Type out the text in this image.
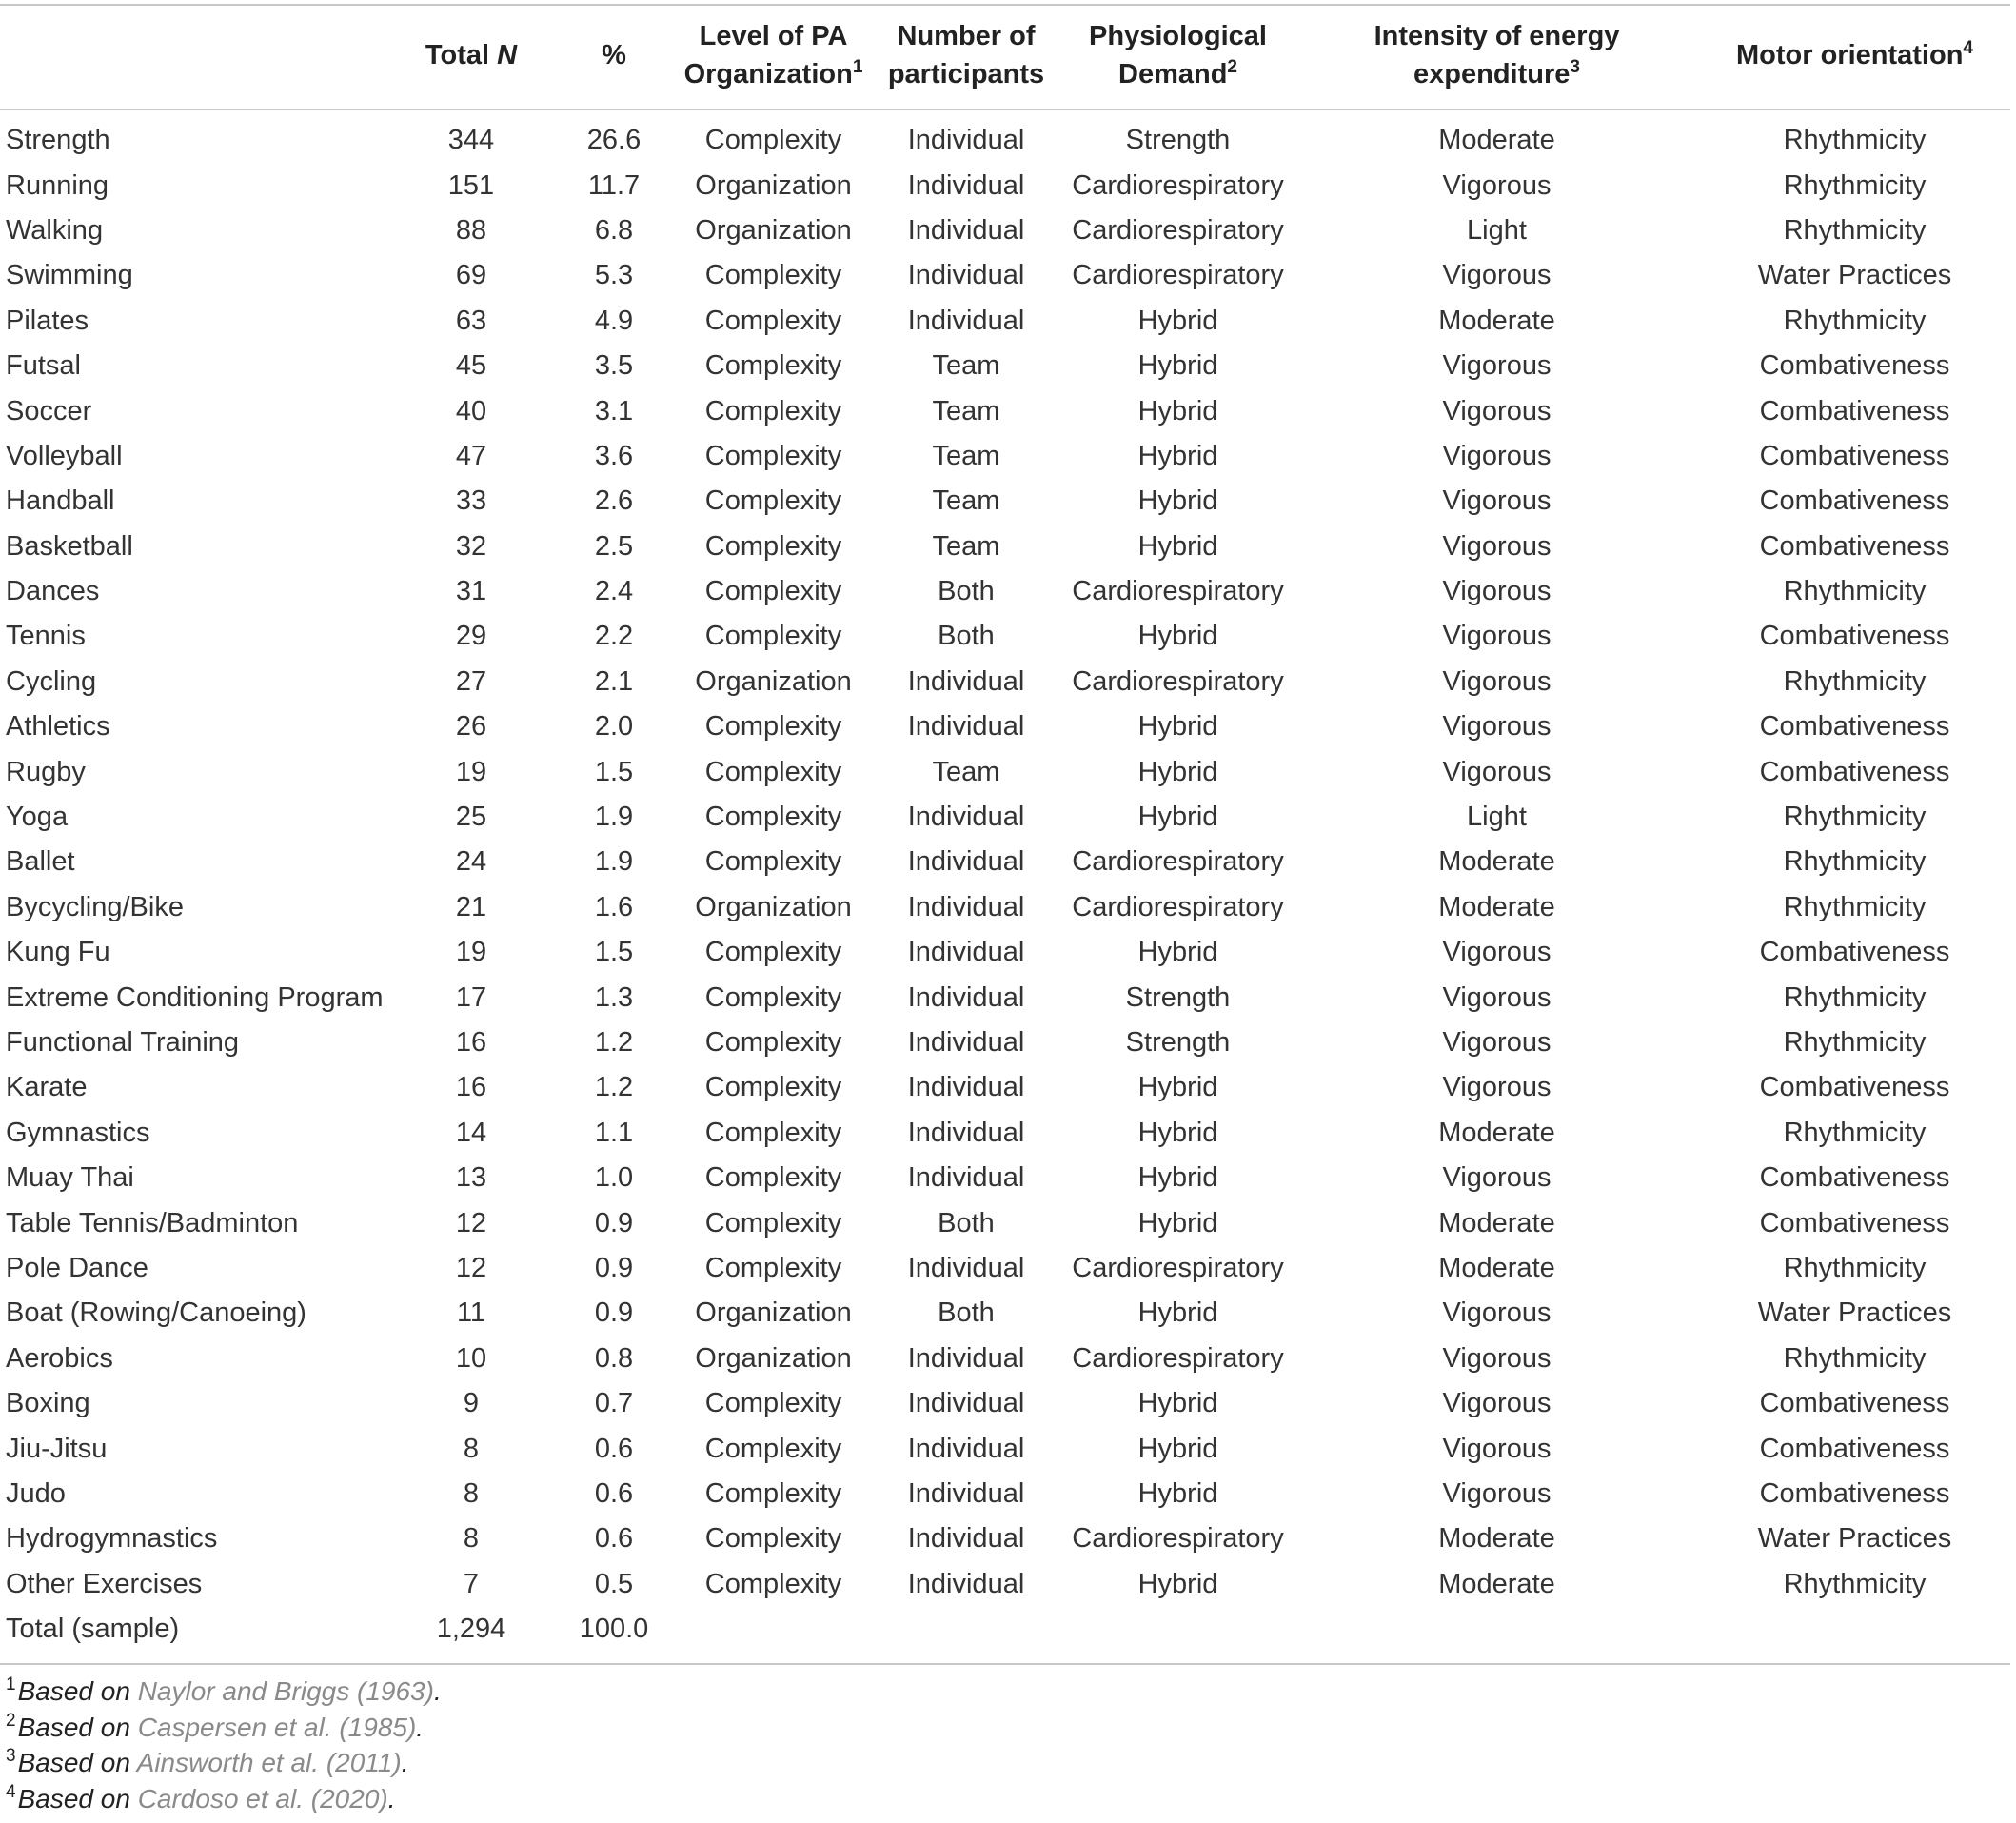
	Total N	%	Level of PA Organization$^1$	Number of participants	Physiological Demand$^2$	Intensity of energy expenditure$^3$	Motor orientation$^4$
Strength	344	26.6	Complexity	Individual	Strength	Moderate	Rhythmicity
Running	151	11.7	Organization	Individual	Cardiorespiratory	Vigorous	Rhythmicity
Walking	88	6.8	Organization	Individual	Cardiorespiratory	Light	Rhythmicity
Swimming	69	5.3	Complexity	Individual	Cardiorespiratory	Vigorous	Water Practices
Pilates	63	4.9	Complexity	Individual	Hybrid	Moderate	Rhythmicity
Futsal	45	3.5	Complexity	Team	Hybrid	Vigorous	Combativeness
Soccer	40	3.1	Complexity	Team	Hybrid	Vigorous	Combativeness
Volleyball	47	3.6	Complexity	Team	Hybrid	Vigorous	Combativeness
Handball	33	2.6	Complexity	Team	Hybrid	Vigorous	Combativeness
Basketball	32	2.5	Complexity	Team	Hybrid	Vigorous	Combativeness
Dances	31	2.4	Complexity	Both	Cardiorespiratory	Vigorous	Rhythmicity
Tennis	29	2.2	Complexity	Both	Hybrid	Vigorous	Combativeness
Cycling	27	2.1	Organization	Individual	Cardiorespiratory	Vigorous	Rhythmicity
Athletics	26	2.0	Complexity	Individual	Hybrid	Vigorous	Combativeness
Rugby	19	1.5	Complexity	Team	Hybrid	Vigorous	Combativeness
Yoga	25	1.9	Complexity	Individual	Hybrid	Light	Rhythmicity
Ballet	24	1.9	Complexity	Individual	Cardiorespiratory	Moderate	Rhythmicity
Bycycling/Bike	21	1.6	Organization	Individual	Cardiorespiratory	Moderate	Rhythmicity
Kung Fu	19	1.5	Complexity	Individual	Hybrid	Vigorous	Combativeness
Extreme Conditioning Program	17	1.3	Complexity	Individual	Strength	Vigorous	Rhythmicity
Functional Training	16	1.2	Complexity	Individual	Strength	Vigorous	Rhythmicity
Karate	16	1.2	Complexity	Individual	Hybrid	Vigorous	Combativeness
Gymnastics	14	1.1	Complexity	Individual	Hybrid	Moderate	Rhythmicity
Muay Thai	13	1.0	Complexity	Individual	Hybrid	Vigorous	Combativeness
Table Tennis/Badminton	12	0.9	Complexity	Both	Hybrid	Moderate	Combativeness
Pole Dance	12	0.9	Complexity	Individual	Cardiorespiratory	Moderate	Rhythmicity
Boat (Rowing/Canoeing)	11	0.9	Organization	Both	Hybrid	Vigorous	Water Practices
Aerobics	10	0.8	Organization	Individual	Cardiorespiratory	Vigorous	Rhythmicity
Boxing	9	0.7	Complexity	Individual	Hybrid	Vigorous	Combativeness
Jiu-Jitsu	8	0.6	Complexity	Individual	Hybrid	Vigorous	Combativeness
Judo	8	0.6	Complexity	Individual	Hybrid	Vigorous	Combativeness
Hydrogymnastics	8	0.6	Complexity	Individual	Cardiorespiratory	Moderate	Water Practices
Other Exercises	7	0.5	Complexity	Individual	Hybrid	Moderate	Rhythmicity
Total (sample)	1,294	100.0					
$^1$Based on Naylor and Briggs (1963).
$^2$Based on Caspersen et al. (1985).
$^3$Based on Ainsworth et al. (2011).
$^4$Based on Cardoso et al. (2020).
